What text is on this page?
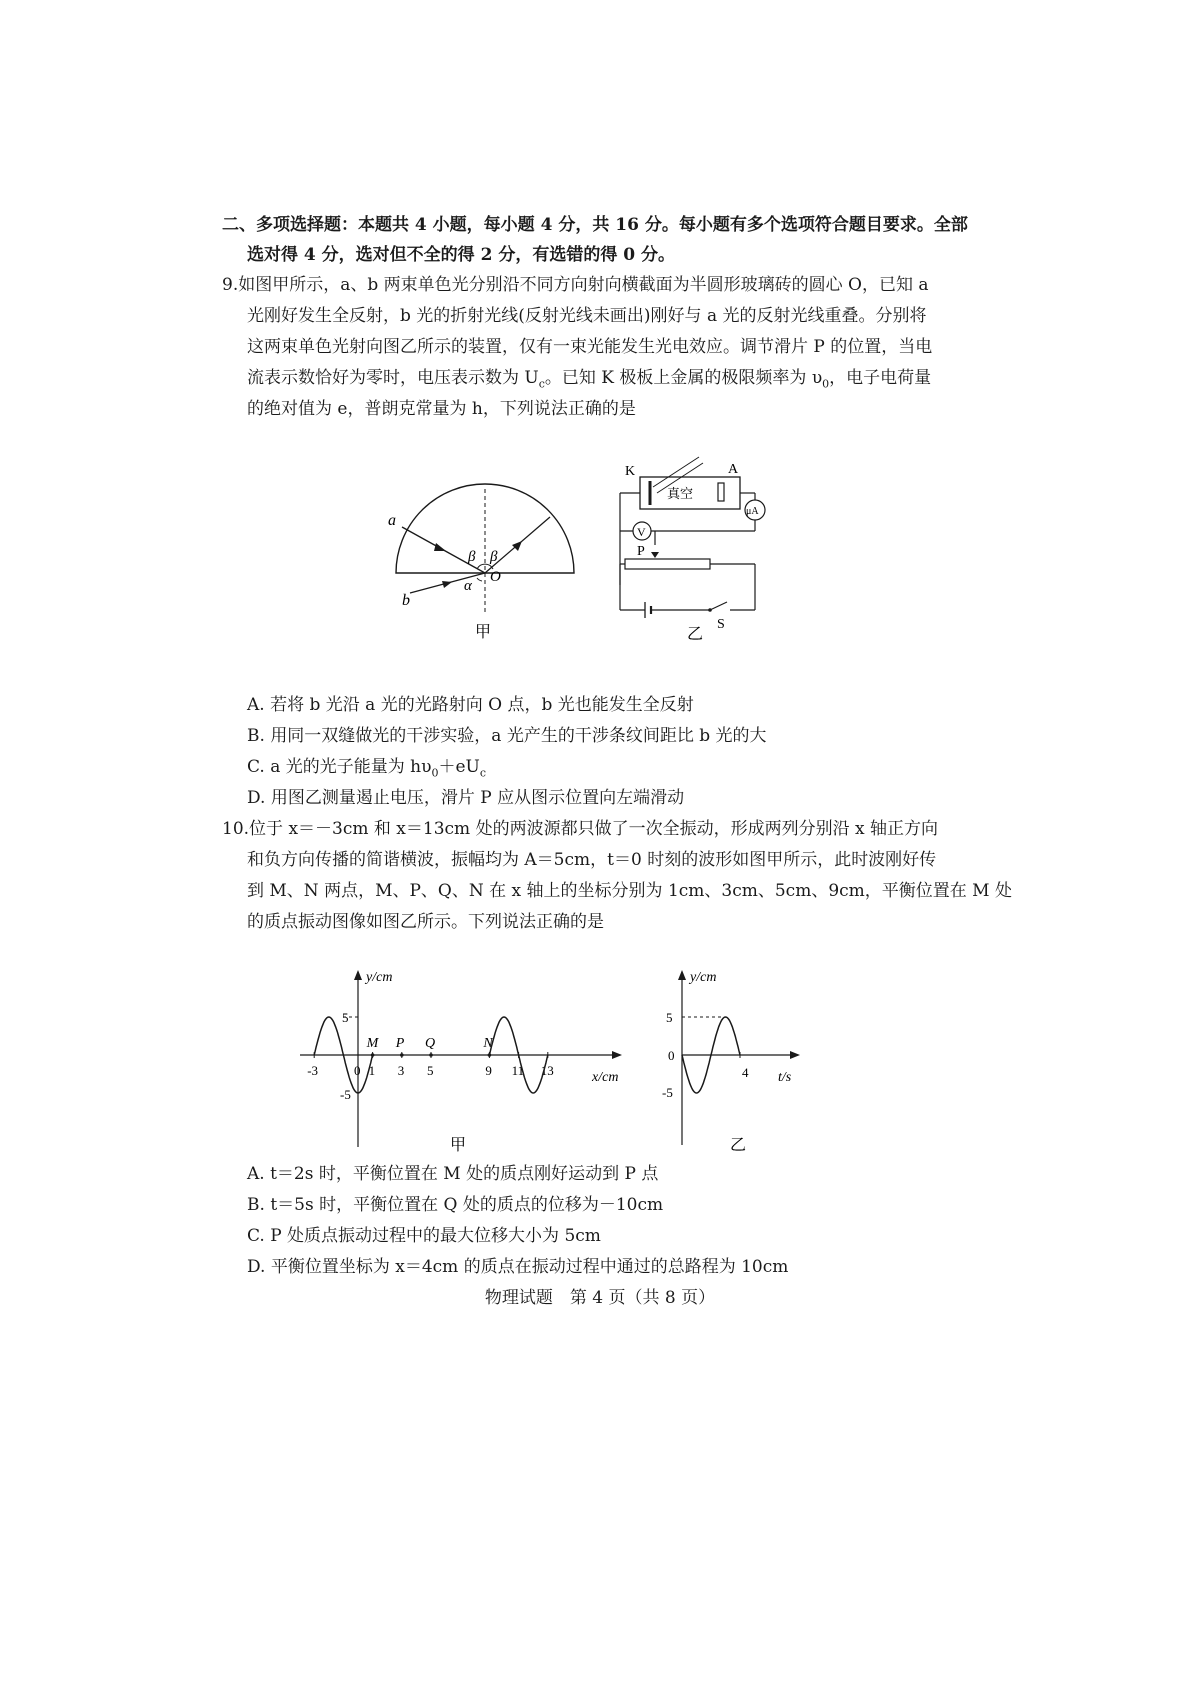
二、多项选择题：本题共 4 小题，每小题 4 分，共 16 分。每小题有多个选项符合题目要求。全部
选对得 4 分，选对但不全的得 2 分，有选错的得 0 分。
9.如图甲所示，a、b 两束单色光分别沿不同方向射向横截面为半圆形玻璃砖的圆心 O，已知 a
光刚好发生全反射，b 光的折射光线(反射光线未画出)刚好与 a 光的反射光线重叠。分别将
这两束单色光射向图乙所示的装置，仅有一束光能发生光电效应。调节滑片 P 的位置，当电
流表示数恰好为零时，电压表示数为 $U_c$。已知 K 极板上金属的极限频率为 $\upsilon_0$，电子电荷量
的绝对值为 e，普朗克常量为 h，下列说法正确的是
a
b
β β
α
O
甲
K	A
真空
μA
V
P
S
乙
A. 若将 b 光沿 a 光的光路射向 O 点，b 光也能发生全反射
B. 用同一双缝做光的干涉实验，a 光产生的干涉条纹间距比 b 光的大
C. a 光的光子能量为 $h\upsilon_0+eU_c$
D. 用图乙测量遏止电压，滑片 P 应从图示位置向左端滑动
10.位于 x＝－3cm 和 x＝13cm 处的两波源都只做了一次全振动，形成两列分别沿 x 轴正方向
和负方向传播的简谐横波，振幅均为 A＝5cm，t＝0 时刻的波形如图甲所示，此时波刚好传
到 M、N 两点，M、P、Q、N 在 x 轴上的坐标分别为 1cm、3cm、5cm、9cm，平衡位置在 M 处
的质点振动图像如图乙所示。下列说法正确的是
y/cm
x/cm
5
-5
-3	0 1 3 5	9 11 13
M P Q	N
甲
y/cm
t/s
5
0
-5
4
乙
A. t＝2s 时，平衡位置在 M 处的质点刚好运动到 P 点
B. t＝5s 时，平衡位置在 Q 处的质点的位移为－10cm
C. P 处质点振动过程中的最大位移大小为 5cm
D. 平衡位置坐标为 x＝4cm 的质点在振动过程中通过的总路程为 10cm
物理试题　第 4 页（共 8 页）
